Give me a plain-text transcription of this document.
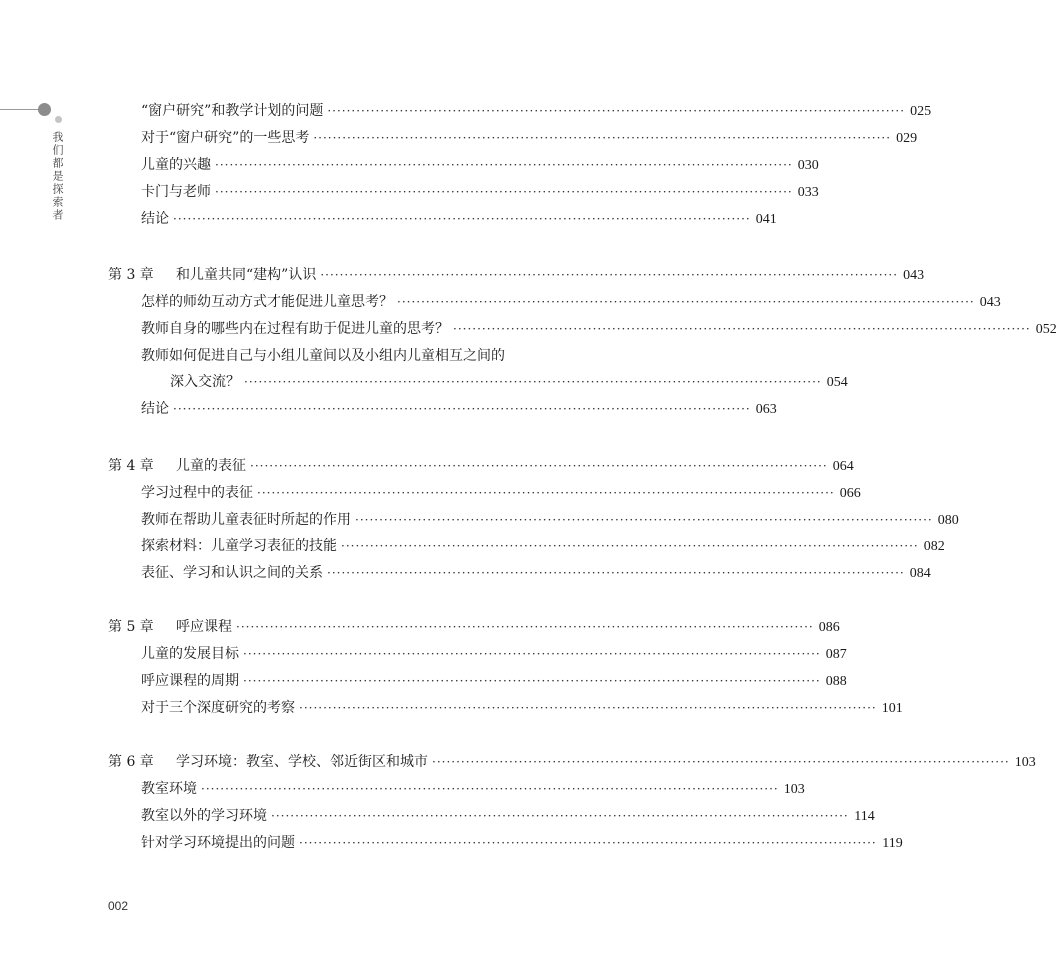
我们都是探索者
“窗户研究”和教学计划的问题 ························································································································ 025
对于“窗户研究”的一些思考 ························································································································ 029
儿童的兴趣 ························································································································ 030
卡门与老师 ························································································································ 033
结论 ························································································································ 041
第 3 章 和儿童共同“建构”认识 ························································································································ 043
怎样的师幼互动方式才能促进儿童思考？ ························································································································ 043
教师自身的哪些内在过程有助于促进儿童的思考？ ························································································································ 052
教师如何促进自己与小组儿童间以及小组内儿童相互之间的
深入交流？ ························································································································ 054
结论 ························································································································ 063
第 4 章 儿童的表征 ························································································································ 064
学习过程中的表征 ························································································································ 066
教师在帮助儿童表征时所起的作用 ························································································································ 080
探索材料：儿童学习表征的技能 ························································································································ 082
表征、学习和认识之间的关系 ························································································································ 084
第 5 章 呼应课程 ························································································································ 086
儿童的发展目标 ························································································································ 087
呼应课程的周期 ························································································································ 088
对于三个深度研究的考察 ························································································································ 101
第 6 章 学习环境：教室、学校、邻近街区和城市 ························································································································ 103
教室环境 ························································································································ 103
教室以外的学习环境 ························································································································ 114
针对学习环境提出的问题 ························································································································ 119
002
